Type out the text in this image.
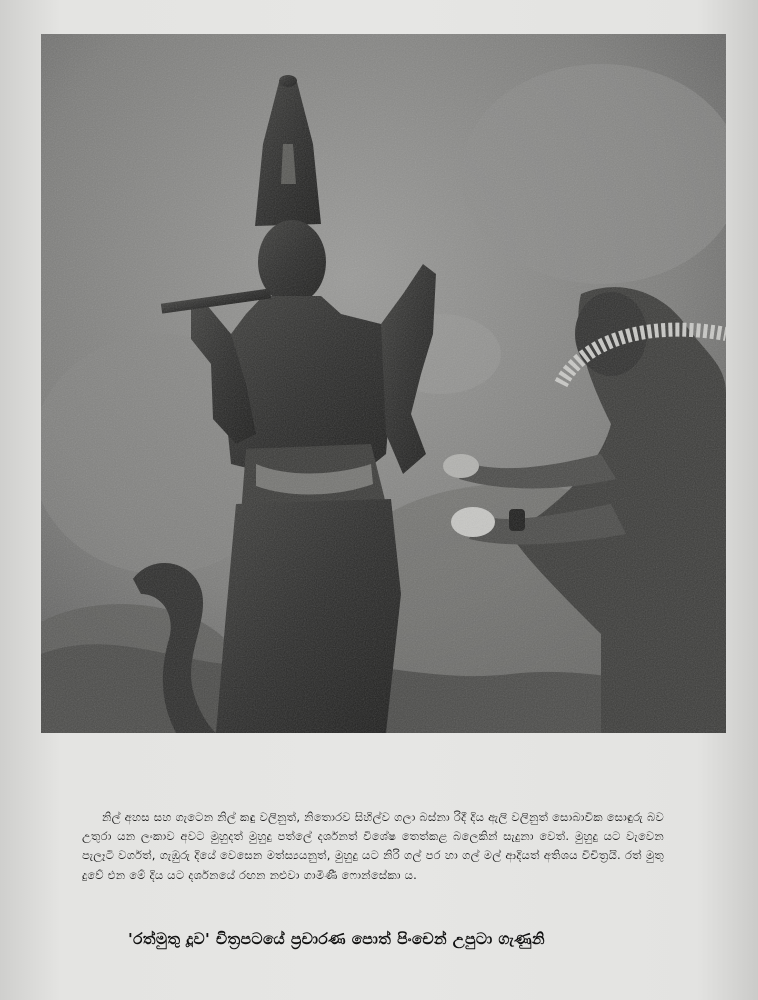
නිල් අහස සහ ගැටෙන නිල් කඳු වලිනුත්, නිතොරව සිහිල්ව ගලා බස්නා රිදී දිය ඇලි වලිනුත් සොබාවික සොඳුරු බව උතුරා යන ලංකාව අවට මුහුදත් මුහුදු පත්ලේ දර්ශනත් විශේෂ තෙත්කළ බලෙකින් සැදුනා වෙත්. මුහුදු යට වැවෙන පැලෑටි වර්ගත්, ගැඹුරු දියේ වෙසෙන මත්ස්‍යයනුත්, මුහුදු යට නිරි ගල් පර හා ගල් මල් ආදියත් අතිශය විචිත්‍රයි. රත් මුතු දුවේ එන මේ දිය යට දර්ශනයේ රඟන නළුවා ගාමිණී ෆොන්සේකා ය.

'රත්මුතු දූව' චිත්‍රපටයේ ප්‍රචාරණ පොත් පිංචෙන් උපුටා ගැණුනි
